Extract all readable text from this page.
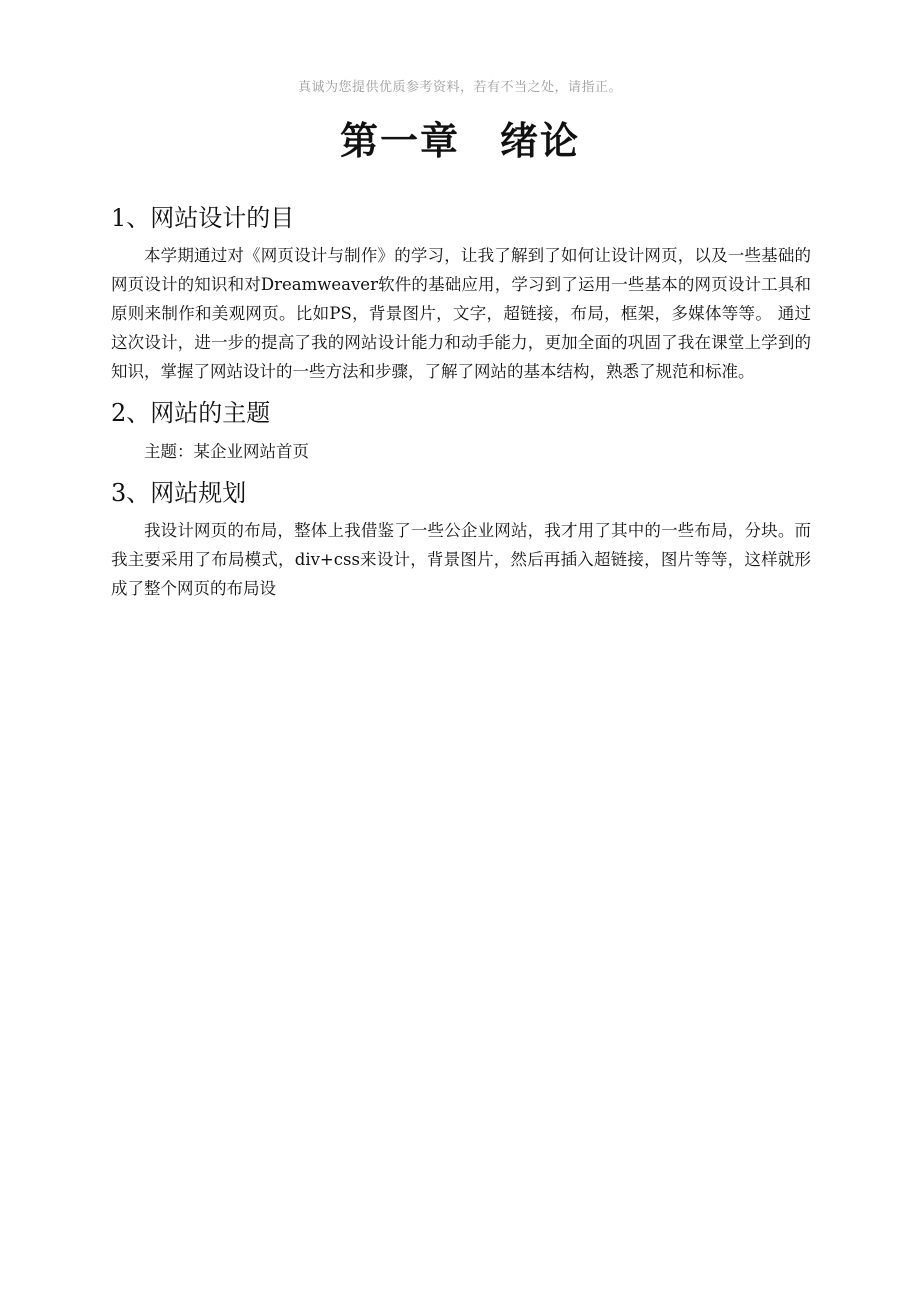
真诚为您提供优质参考资料，若有不当之处，请指正。
第一章 绪论
1、网站设计的目

本学期通过对《网页设计与制作》的学习，让我了解到了如何让设计网页，以及一些基础的网页设计的知识和对Dreamweaver软件的基础应用，学习到了运用一些基本的网页设计工具和原则来制作和美观网页。比如PS，背景图片，文字，超链接，布局，框架，多媒体等等。 通过这次设计，进一步的提高了我的网站设计能力和动手能力，更加全面的巩固了我在课堂上学到的知识，掌握了网站设计的一些方法和步骤，了解了网站的基本结构，熟悉了规范和标准。

2、网站的主题

主题：某企业网站首页

3、网站规划

我设计网页的布局，整体上我借鉴了一些公企业网站，我才用了其中的一些布局，分块。而我主要采用了布局模式，div+css来设计，背景图片，然后再插入超链接，图片等等，这样就形成了整个网页的布局设
